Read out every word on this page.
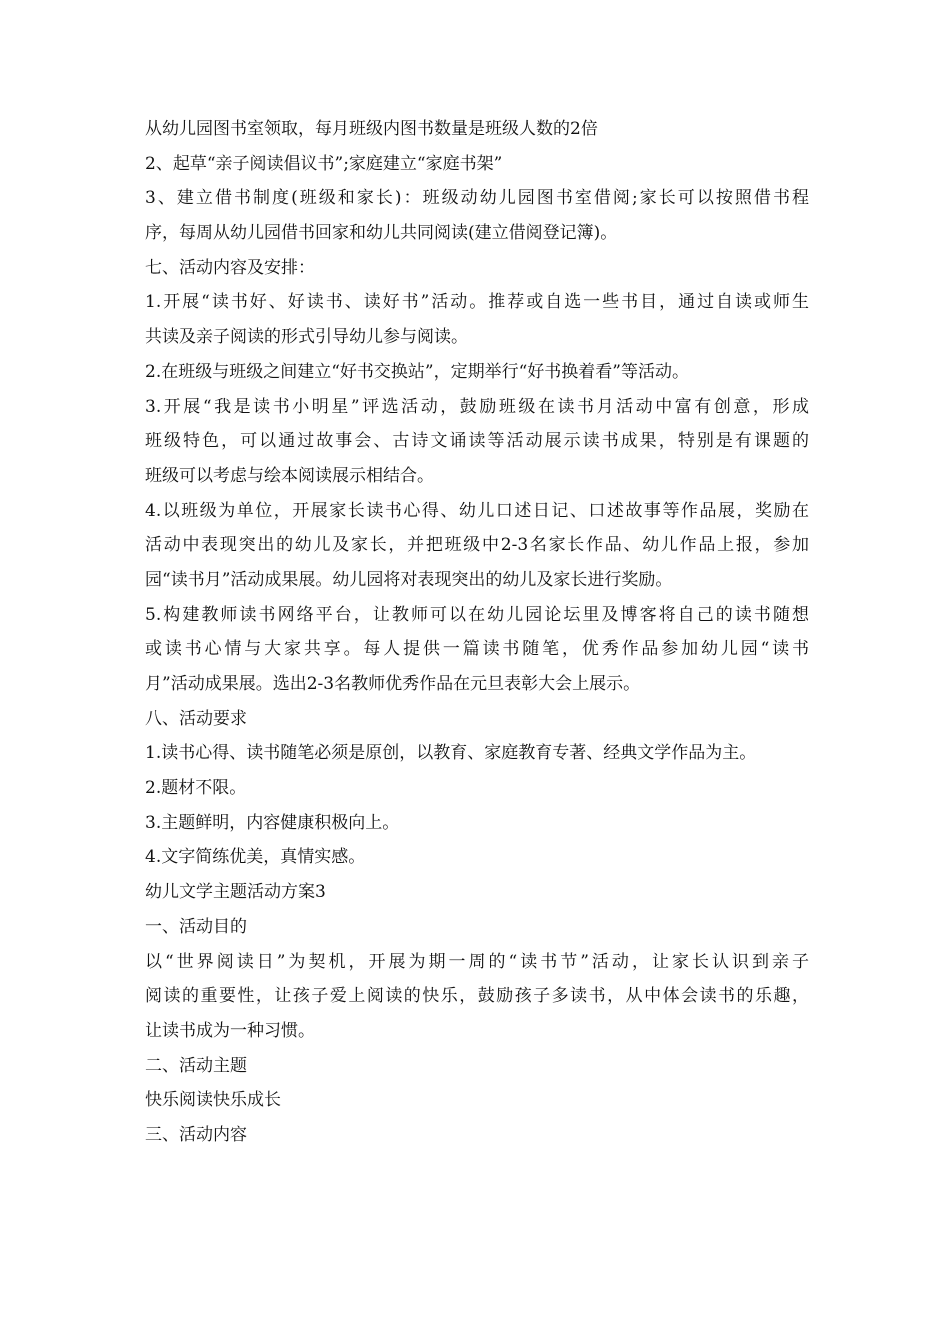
从幼儿园图书室领取，每月班级内图书数量是班级人数的2倍
2、起草“亲子阅读倡议书”;家庭建立“家庭书架”
3、建立借书制度(班级和家长)：班级动幼儿园图书室借阅;家长可以按照借书程
序，每周从幼儿园借书回家和幼儿共同阅读(建立借阅登记簿)。
七、活动内容及安排：
1.开展“读书好、好读书、读好书”活动。推荐或自选一些书目，通过自读或师生
共读及亲子阅读的形式引导幼儿参与阅读。
2.在班级与班级之间建立“好书交换站”，定期举行“好书换着看”等活动。
3.开展“我是读书小明星”评选活动，鼓励班级在读书月活动中富有创意，形成
班级特色，可以通过故事会、古诗文诵读等活动展示读书成果，特别是有课题的
班级可以考虑与绘本阅读展示相结合。
4.以班级为单位，开展家长读书心得、幼儿口述日记、口述故事等作品展，奖励在
活动中表现突出的幼儿及家长，并把班级中2-3名家长作品、幼儿作品上报，参加
园“读书月”活动成果展。幼儿园将对表现突出的幼儿及家长进行奖励。
5.构建教师读书网络平台，让教师可以在幼儿园论坛里及博客将自己的读书随想
或读书心情与大家共享。每人提供一篇读书随笔，优秀作品参加幼儿园“读书
月”活动成果展。选出2-3名教师优秀作品在元旦表彰大会上展示。
八、活动要求
1.读书心得、读书随笔必须是原创，以教育、家庭教育专著、经典文学作品为主。
2.题材不限。
3.主题鲜明，内容健康积极向上。
4.文字简练优美，真情实感。
幼儿文学主题活动方案3
一、活动目的
以“世界阅读日”为契机，开展为期一周的“读书节”活动，让家长认识到亲子
阅读的重要性，让孩子爱上阅读的快乐，鼓励孩子多读书，从中体会读书的乐趣，
让读书成为一种习惯。
二、活动主题
快乐阅读快乐成长
三、活动内容
